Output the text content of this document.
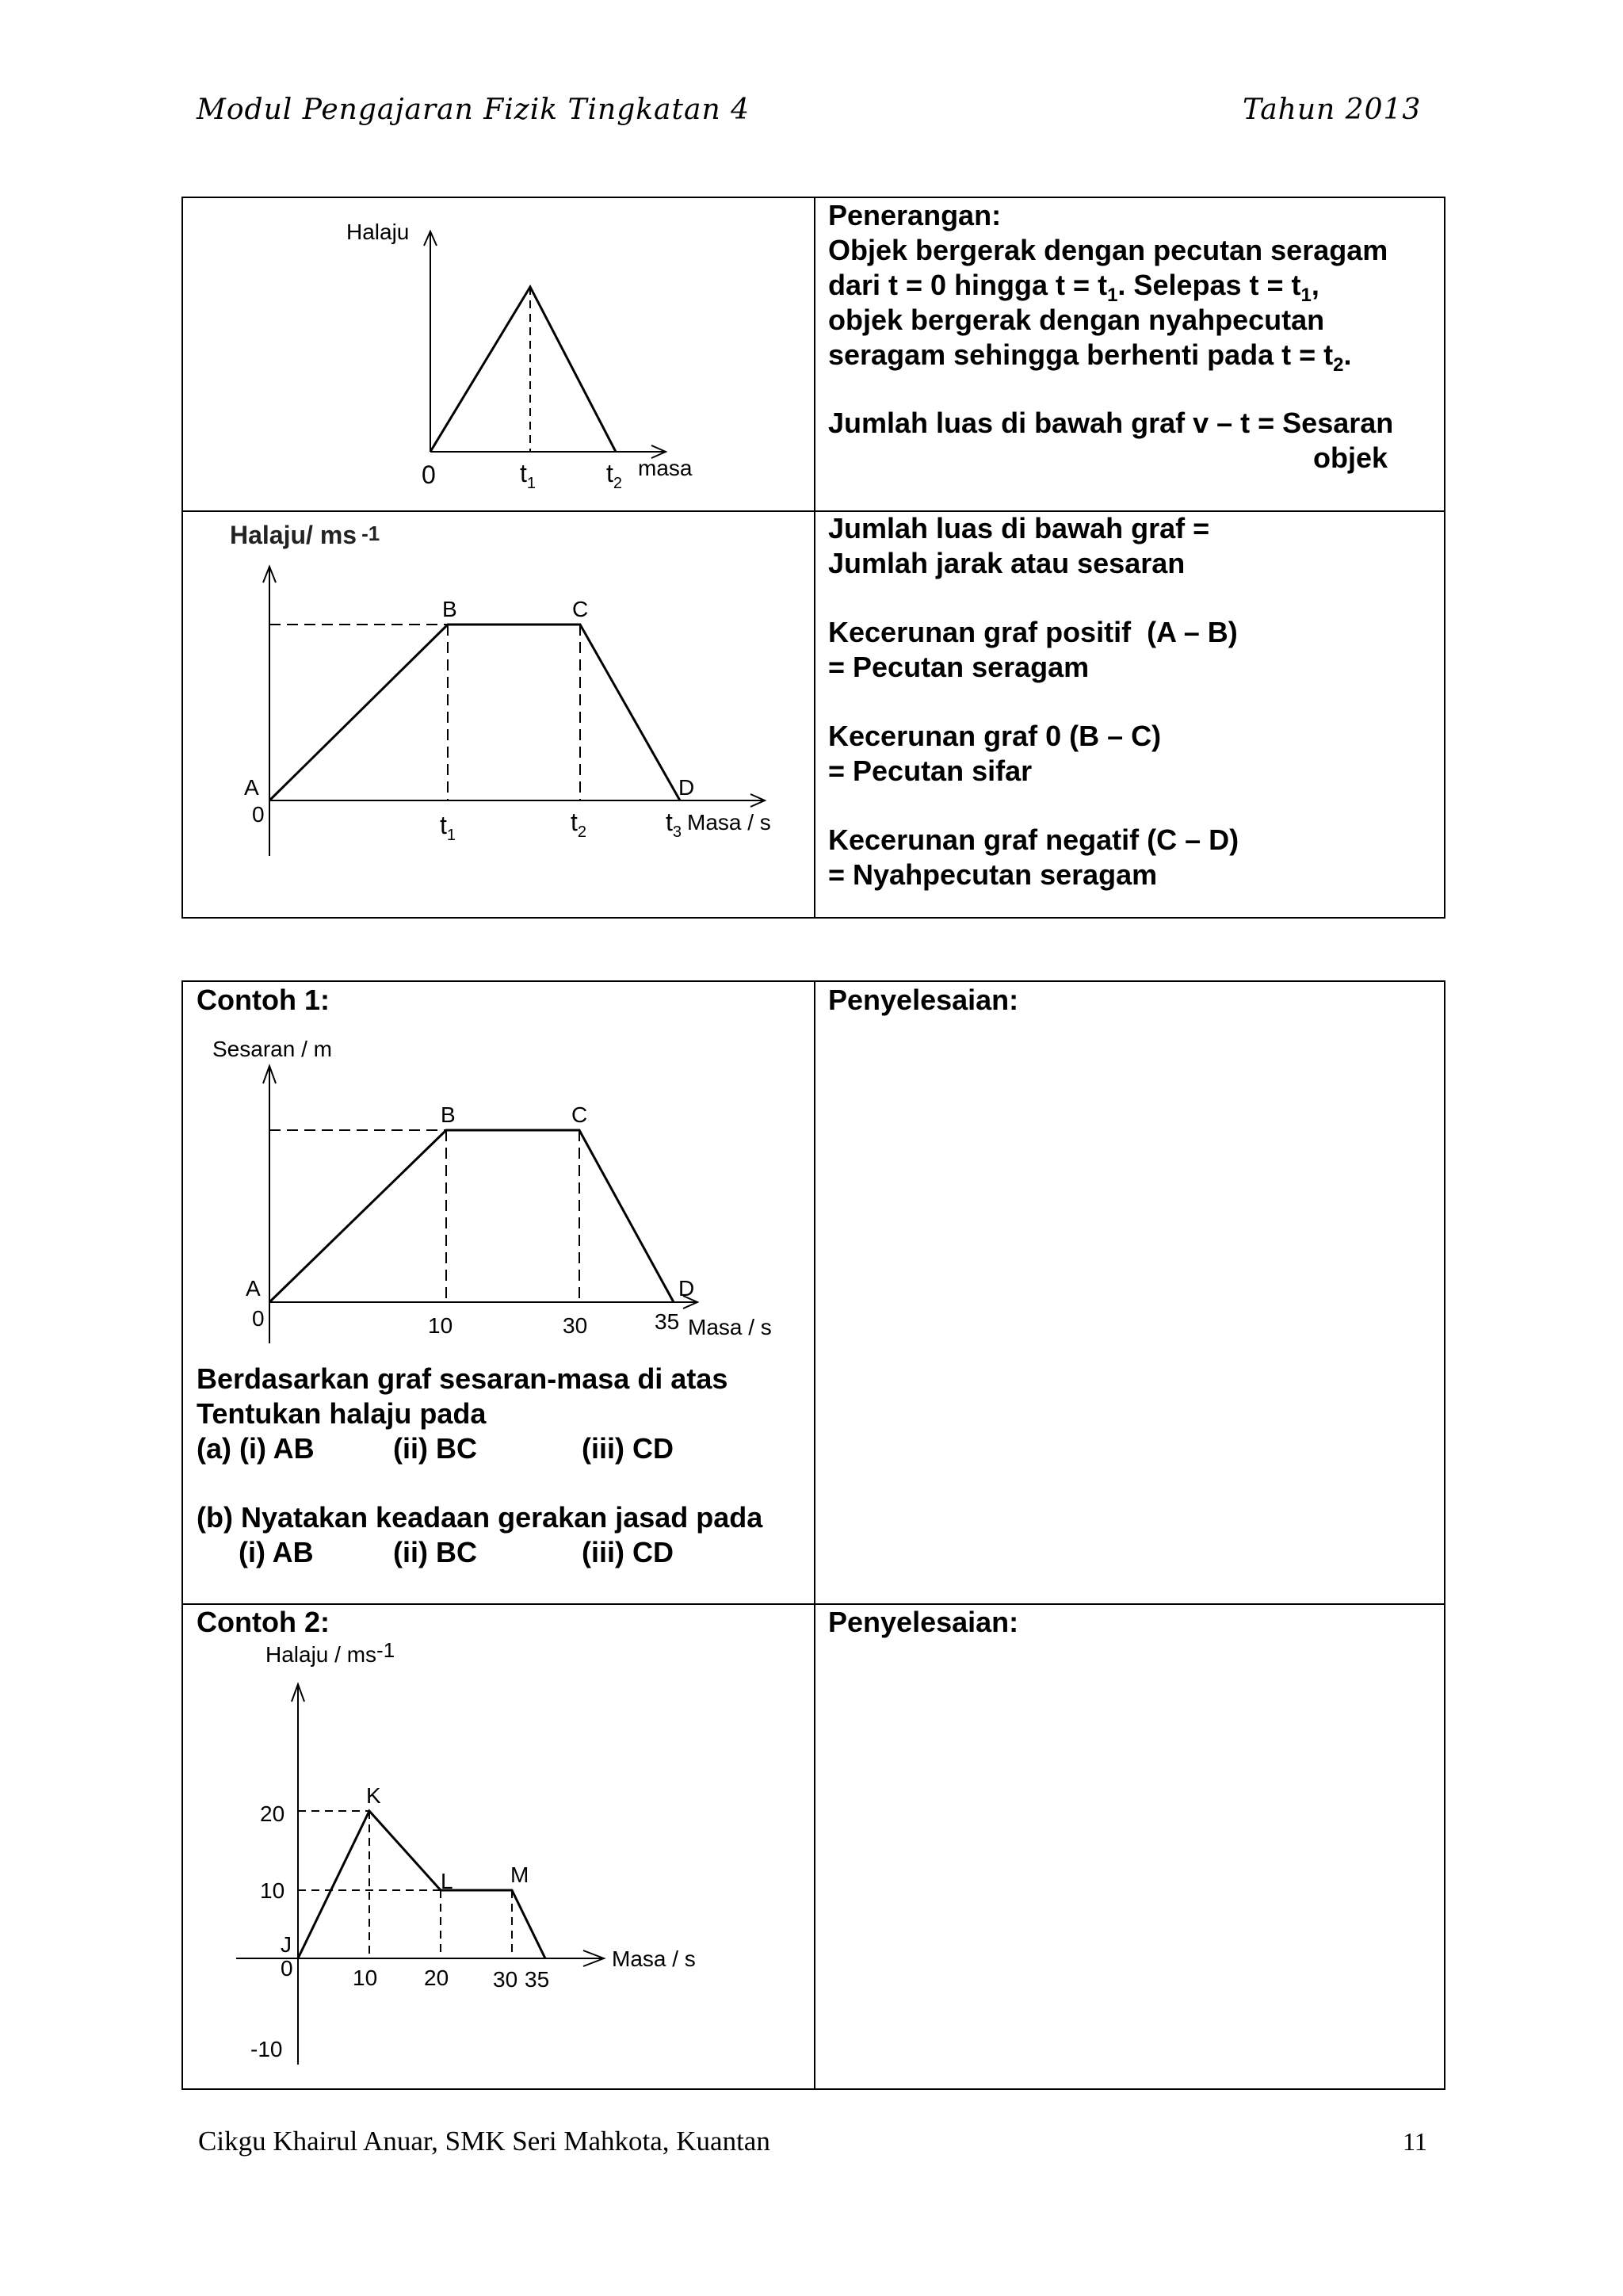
Modul Pengajaran Fizik Tingkatan 4	Tahun 2013
Halaju
0	$t_1$	$t_2$
masa
Penerangan:
Objek bergerak dengan pecutan seragam
dari t = 0 hingga $t = t_1$. Selepas $t = t_1$,
objek bergerak dengan nyahpecutan
seragam sehingga berhenti pada $t = t_2$.
Jumlah luas di bawah graf v – t = Sesaran
objek
Halaju/ ms -1
A
B	C
D
0	$t_1$	$t_2$	$t_3$ Masa / s
Jumlah luas di bawah graf =
Jumlah jarak atau sesaran
Kecerunan graf positif  (A – B)
= Pecutan seragam
Kecerunan graf 0 (B – C)
= Pecutan sifar
Kecerunan graf negatif (C – D)
= Nyahpecutan seragam
Contoh 1:	Penyelesaian:
Sesaran / m
A
B	C
D
0	10	30	35 Masa / s
Berdasarkan graf sesaran-masa di atas
Tentukan halaju pada
(a) (i) AB	(ii) BC	(iii) CD
(b) Nyatakan keadaan gerakan jasad pada
(i) AB	(ii) BC	(iii) CD
Contoh 2:	Penyelesaian:
Halaju / ms-1
J
K
L	M
20
10
-10
0	10 20 30 35
Masa / s
Cikgu Khairul Anuar, SMK Seri Mahkota, Kuantan	11
